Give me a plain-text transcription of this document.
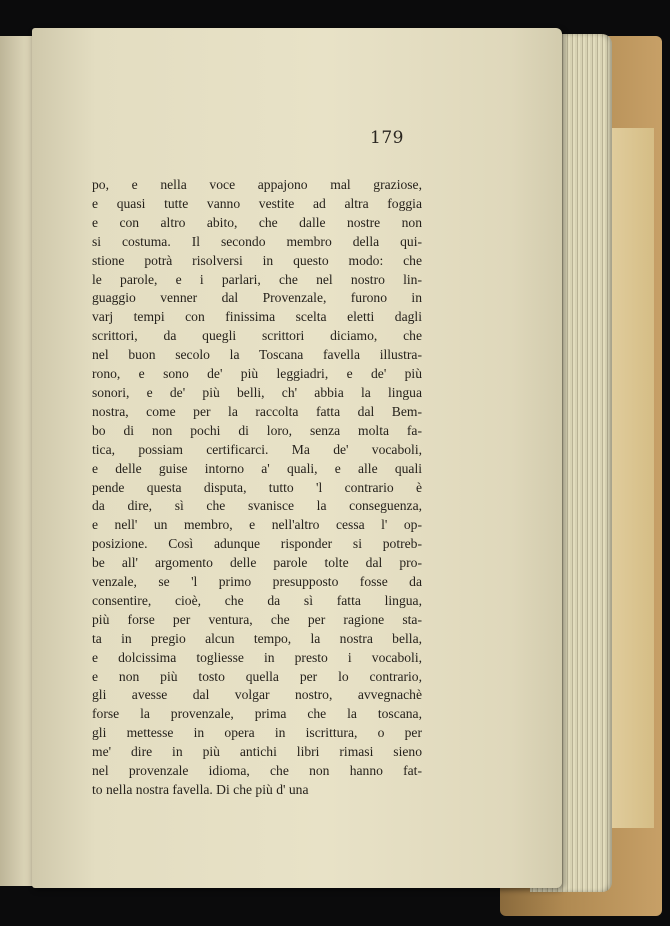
179
po, e nella voce appajono mal graziose,
e quasi tutte vanno vestite ad altra foggia
e con altro abito, che dalle nostre non
si costuma. Il secondo membro della qui-
stione potrà risolversi in questo modo: che
le parole, e i parlari, che nel nostro lin-
guaggio venner dal Provenzale, furono in
varj tempi con finissima scelta eletti dagli
scrittori, da quegli scrittori diciamo, che
nel buon secolo la Toscana favella illustra-
rono, e sono de' più leggiadri, e de' più
sonori, e de' più belli, ch' abbia la lingua
nostra, come per la raccolta fatta dal Bem-
bo di non pochi di loro, senza molta fa-
tica, possiam certificarci. Ma de' vocaboli,
e delle guise intorno a' quali, e alle quali
pende questa disputa, tutto 'l contrario è
da dire, sì che svanisce la conseguenza,
e nell' un membro, e nell'altro cessa l' op-
posizione. Così adunque risponder si potreb-
be all' argomento delle parole tolte dal pro-
venzale, se 'l primo presupposto fosse da
consentire, cioè, che da sì fatta lingua,
più forse per ventura, che per ragione sta-
ta in pregio alcun tempo, la nostra bella,
e dolcissima togliesse in presto i vocaboli,
e non più tosto quella per lo contrario,
gli avesse dal volgar nostro, avvegnachè
forse la provenzale, prima che la toscana,
gli mettesse in opera in iscrittura, o per
me' dire in più antichi libri rimasi sieno
nel provenzale idioma, che non hanno fat-
to nella nostra favella. Di che più d' una
